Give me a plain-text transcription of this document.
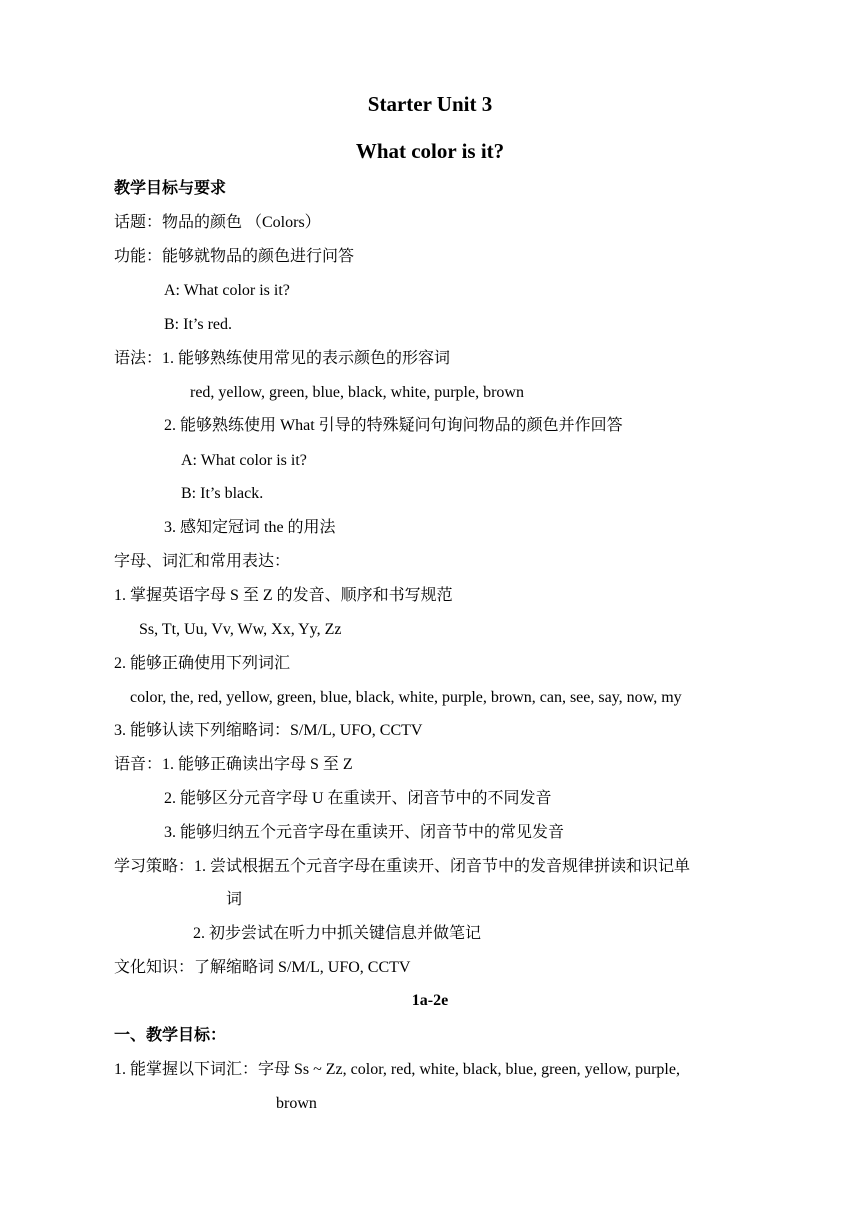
Starter Unit 3
What color is it?
教学目标与要求
话题：物品的颜色 （Colors）
功能：能够就物品的颜色进行问答
A: What color is it?
B: It’s red.
语法：1. 能够熟练使用常见的表示颜色的形容词
red, yellow, green, blue, black, white, purple, brown
2. 能够熟练使用 What 引导的特殊疑问句询问物品的颜色并作回答
A: What color is it?
B: It’s black.
3. 感知定冠词 the 的用法
字母、词汇和常用表达：
1. 掌握英语字母 S 至 Z 的发音、顺序和书写规范
Ss, Tt, Uu, Vv, Ww, Xx, Yy, Zz
2. 能够正确使用下列词汇
color, the, red, yellow, green, blue, black, white, purple, brown, can, see, say, now, my
3. 能够认读下列缩略词：S/M/L, UFO, CCTV
语音：1. 能够正确读出字母 S 至 Z
2. 能够区分元音字母 U 在重读开、闭音节中的不同发音
3. 能够归纳五个元音字母在重读开、闭音节中的常见发音
学习策略：1. 尝试根据五个元音字母在重读开、闭音节中的发音规律拼读和识记单
词
2. 初步尝试在听力中抓关键信息并做笔记
文化知识：了解缩略词 S/M/L, UFO, CCTV
1a-2e
一、教学目标：
1. 能掌握以下词汇：字母 Ss ~ Zz, color, red, white, black, blue, green, yellow, purple,
brown
